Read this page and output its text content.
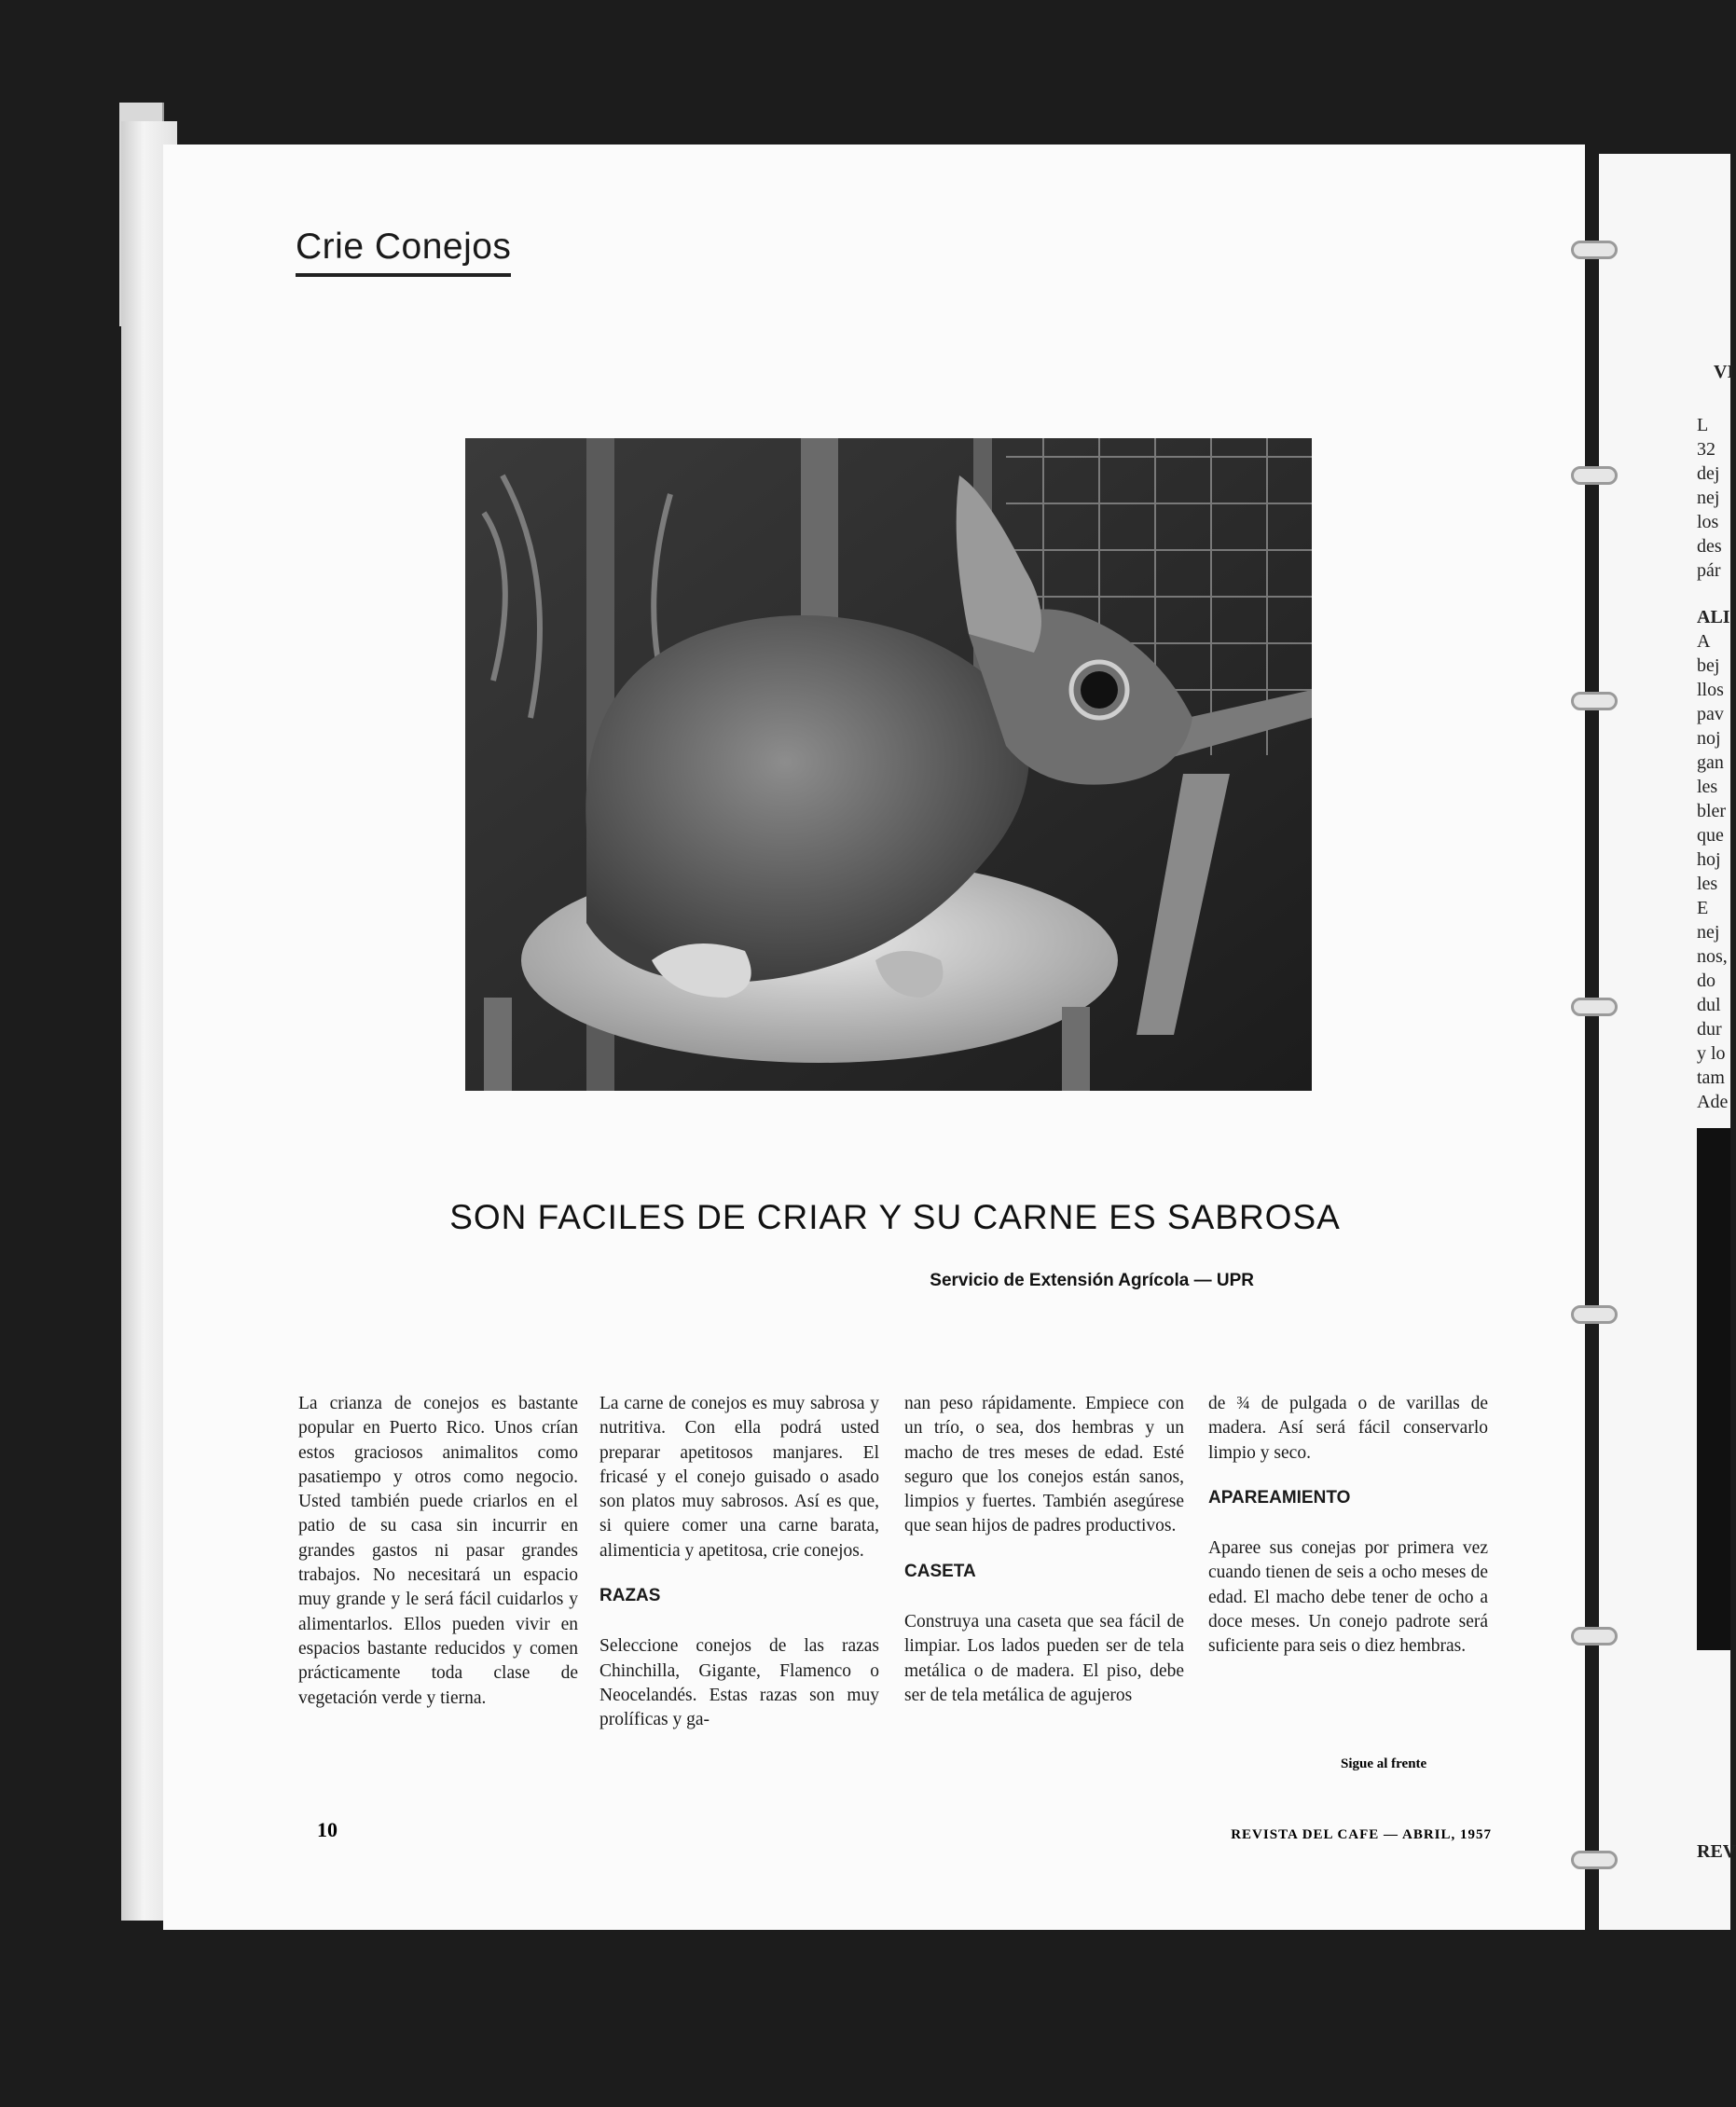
Crie Conejos
SON FACILES DE CRIAR Y SU CARNE ES SABROSA
Servicio de Extensión Agrícola — UPR

La crianza de conejos es bastante popular en Puerto Rico. Unos crían estos graciosos animalitos como pasatiempo y otros como negocio. Usted también puede criarlos en el patio de su casa sin incurrir en grandes gastos ni pasar grandes trabajos. No necesitará un espacio muy grande y le será fácil cuidarlos y alimentarlos. Ellos pueden vivir en espacios bastante reducidos y comen prácticamente toda clase de vegetación verde y tierna.

La carne de conejos es muy sabrosa y nutritiva. Con ella podrá usted preparar apetitosos manjares. El fricasé y el conejo guisado o asado son platos muy sabrosos. Así es que, si quiere comer una carne barata, alimenticia y apetitosa, crie conejos.

RAZAS

Seleccione conejos de las razas Chinchilla, Gigante, Flamenco o Neocelandés. Estas razas son muy prolíficas y ga-

nan peso rápidamente. Empiece con un trío, o sea, dos hembras y un macho de tres meses de edad. Esté seguro que los conejos están sanos, limpios y fuertes. También asegúrese que sean hijos de padres productivos.

CASETA

Construya una caseta que sea fácil de limpiar. Los lados pueden ser de tela metálica o de madera. El piso, debe ser de tela metálica de agujeros

de ¾ de pulgada o de varillas de madera. Así será fácil conservarlo limpio y seco.

APAREAMIENTO

Aparee sus conejas por primera vez cuando tienen de seis a ocho meses de edad. El macho debe tener de ocho a doce meses. Un conejo padrote será suficiente para seis o diez hembras.

Sigue al frente
10	REVISTA DEL CAFE — ABRIL, 1957
VI
L
32
dej
nej
los
des
pár
ALI
A
bej
llos
pav
noj
gan
les
bler
que
hoj
les
E
nej
nos,
do
dul
dur
y lo
tam
Ade
REV
